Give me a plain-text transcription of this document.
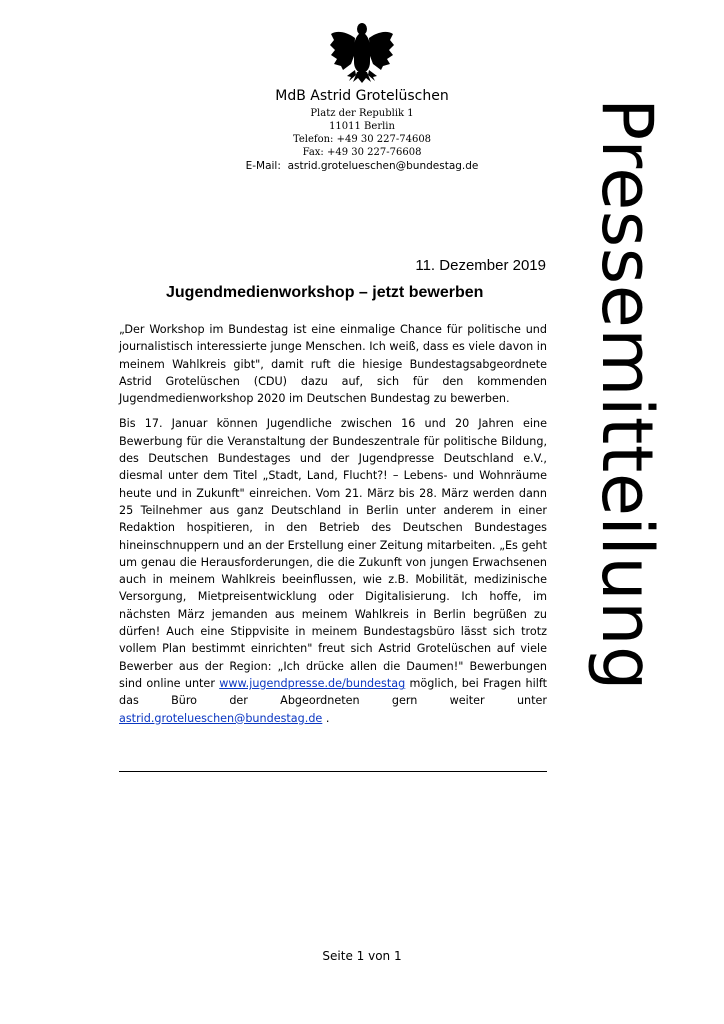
MdB Astrid Grotelüschen
Platz der Republik 1
11011 Berlin
Telefon: +49 30 227-74608
Fax: +49 30 227-76608
E-Mail: astrid.grotelueschen@bundestag.de Pressemitteilung
11. Dezember 2019
Jugendmedienworkshop – jetzt bewerben

„Der Workshop im Bundestag ist eine einmalige Chance für politische und journalistisch interessierte junge Menschen. Ich weiß, dass es viele davon in meinem Wahlkreis gibt", damit ruft die hiesige Bundestagsabgeordnete Astrid Grotelüschen (CDU) dazu auf, sich für den kommenden Jugendmedienworkshop 2020 im Deutschen Bundestag zu bewerben.

Bis 17. Januar können Jugendliche zwischen 16 und 20 Jahren eine Bewerbung für die Veranstaltung der Bundeszentrale für politische Bildung, des Deutschen Bundestages und der Jugendpresse Deutschland e.V., diesmal unter dem Titel „Stadt, Land, Flucht?! – Lebens- und Wohnräume heute und in Zukunft" einreichen. Vom 21. März bis 28. März werden dann 25 Teilnehmer aus ganz Deutschland in Berlin unter anderem in einer Redaktion hospitieren, in den Betrieb des Deutschen Bundestages hineinschnuppern und an der Erstellung einer Zeitung mitarbeiten. „Es geht um genau die Herausforderungen, die die Zukunft von jungen Erwachsenen auch in meinem Wahlkreis beeinflussen, wie z.B. Mobilität, medizinische Versorgung, Mietpreisentwicklung oder Digitalisierung. Ich hoffe, im nächsten März jemanden aus meinem Wahlkreis in Berlin begrüßen zu dürfen! Auch eine Stippvisite in meinem Bundestagsbüro lässt sich trotz vollem Plan bestimmt einrichten" freut sich Astrid Grotelüschen auf viele Bewerber aus der Region: „Ich drücke allen die Daumen!" Bewerbungen sind online unter www.jugendpresse.de/bundestag möglich, bei Fragen hilft das Büro der Abgeordneten gern weiter unter astrid.grotelueschen@bundestag.de .

Seite 1 von 1
